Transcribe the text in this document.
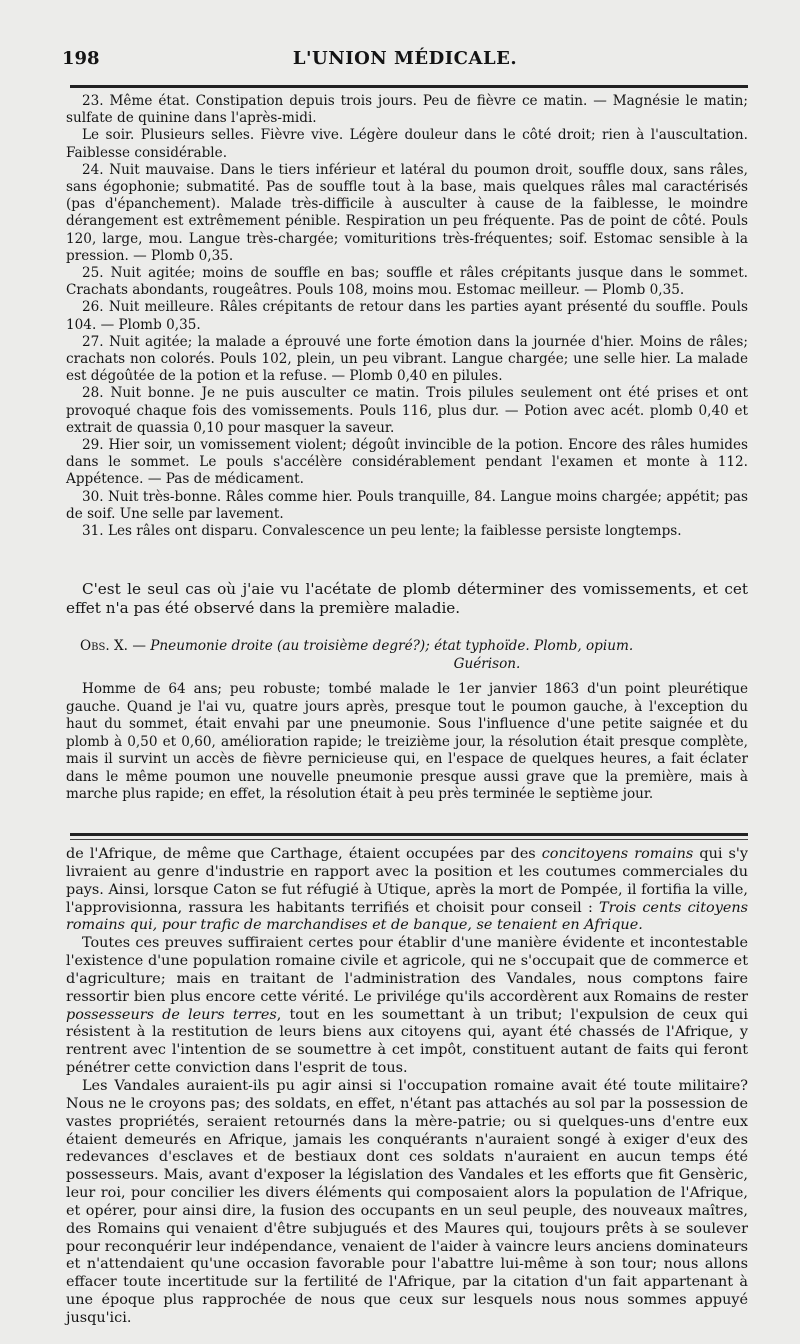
198	L'UNION MÉDICALE.

23. Même état. Constipation depuis trois jours. Peu de fièvre ce matin. — Magnésie le matin; sulfate de quinine dans l'après-midi.

Le soir. Plusieurs selles. Fièvre vive. Légère douleur dans le côté droit; rien à l'auscultation. Faiblesse considérable.

24. Nuit mauvaise. Dans le tiers inférieur et latéral du poumon droit, souffle doux, sans râles, sans égophonie; submatité. Pas de souffle tout à la base, mais quelques râles mal caractérisés (pas d'épanchement). Malade très-difficile à ausculter à cause de la faiblesse, le moindre dérangement est extrêmement pénible. Respiration un peu fréquente. Pas de point de côté. Pouls 120, large, mou. Langue très-chargée; vomituritions très-fréquentes; soif. Estomac sensible à la pression. — Plomb 0,35.

25. Nuit agitée; moins de souffle en bas; souffle et râles crépitants jusque dans le sommet. Crachats abondants, rougeâtres. Pouls 108, moins mou. Estomac meilleur. — Plomb 0,35.

26. Nuit meilleure. Râles crépitants de retour dans les parties ayant présenté du souffle. Pouls 104. — Plomb 0,35.

27. Nuit agitée; la malade a éprouvé une forte émotion dans la journée d'hier. Moins de râles; crachats non colorés. Pouls 102, plein, un peu vibrant. Langue chargée; une selle hier. La malade est dégoûtée de la potion et la refuse. — Plomb 0,40 en pilules.

28. Nuit bonne. Je ne puis ausculter ce matin. Trois pilules seulement ont été prises et ont provoqué chaque fois des vomissements. Pouls 116, plus dur. — Potion avec acét. plomb 0,40 et extrait de quassia 0,10 pour masquer la saveur.

29. Hier soir, un vomissement violent; dégoût invincible de la potion. Encore des râles humides dans le sommet. Le pouls s'accélère considérablement pendant l'examen et monte à 112. Appétence. — Pas de médicament.

30. Nuit très-bonne. Râles comme hier. Pouls tranquille, 84. Langue moins chargée; appétit; pas de soif. Une selle par lavement.

31. Les râles ont disparu. Convalescence un peu lente; la faiblesse persiste longtemps.

C'est le seul cas où j'aie vu l'acétate de plomb déterminer des vomissements, et cet effet n'a pas été observé dans la première maladie.

Obs. X. — Pneumonie droite (au troisième degré?); état typhoïde. Plomb, opium.

Guérison.

Homme de 64 ans; peu robuste; tombé malade le 1er janvier 1863 d'un point pleurétique gauche. Quand je l'ai vu, quatre jours après, presque tout le poumon gauche, à l'exception du haut du sommet, était envahi par une pneumonie. Sous l'influence d'une petite saignée et du plomb à 0,50 et 0,60, amélioration rapide; le treizième jour, la résolution était presque complète, mais il survint un accès de fièvre pernicieuse qui, en l'espace de quelques heures, a fait éclater dans le même poumon une nouvelle pneumonie presque aussi grave que la première, mais à marche plus rapide; en effet, la résolution était à peu près terminée le septième jour.

de l'Afrique, de même que Carthage, étaient occupées par des concitoyens romains qui s'y livraient au genre d'industrie en rapport avec la position et les coutumes commerciales du pays. Ainsi, lorsque Caton se fut réfugié à Utique, après la mort de Pompée, il fortifia la ville, l'approvisionna, rassura les habitants terrifiés et choisit pour conseil : Trois cents citoyens romains qui, pour trafic de marchandises et de banque, se tenaient en Afrique.

Toutes ces preuves suffiraient certes pour établir d'une manière évidente et incontestable l'existence d'une population romaine civile et agricole, qui ne s'occupait que de commerce et d'agriculture; mais en traitant de l'administration des Vandales, nous comptons faire ressortir bien plus encore cette vérité. Le privilége qu'ils accordèrent aux Romains de rester possesseurs de leurs terres, tout en les soumettant à un tribut; l'expulsion de ceux qui résistent à la restitution de leurs biens aux citoyens qui, ayant été chassés de l'Afrique, y rentrent avec l'intention de se soumettre à cet impôt, constituent autant de faits qui feront pénétrer cette conviction dans l'esprit de tous.

Les Vandales auraient-ils pu agir ainsi si l'occupation romaine avait été toute militaire? Nous ne le croyons pas; des soldats, en effet, n'étant pas attachés au sol par la possession de vastes propriétés, seraient retournés dans la mère-patrie; ou si quelques-uns d'entre eux étaient demeurés en Afrique, jamais les conquérants n'auraient songé à exiger d'eux des redevances d'esclaves et de bestiaux dont ces soldats n'auraient en aucun temps été possesseurs. Mais, avant d'exposer la législation des Vandales et les efforts que fit Gensèric, leur roi, pour concilier les divers éléments qui composaient alors la population de l'Afrique, et opérer, pour ainsi dire, la fusion des occupants en un seul peuple, des nouveaux maîtres, des Romains qui venaient d'être subjugués et des Maures qui, toujours prêts à se soulever pour reconquérir leur indépendance, venaient de l'aider à vaincre leurs anciens dominateurs et n'attendaient qu'une occasion favorable pour l'abattre lui-même à son tour; nous allons effacer toute incertitude sur la fertilité de l'Afrique, par la citation d'un fait appartenant à une époque plus rapprochée de nous que ceux sur lesquels nous nous sommes appuyé jusqu'ici.
